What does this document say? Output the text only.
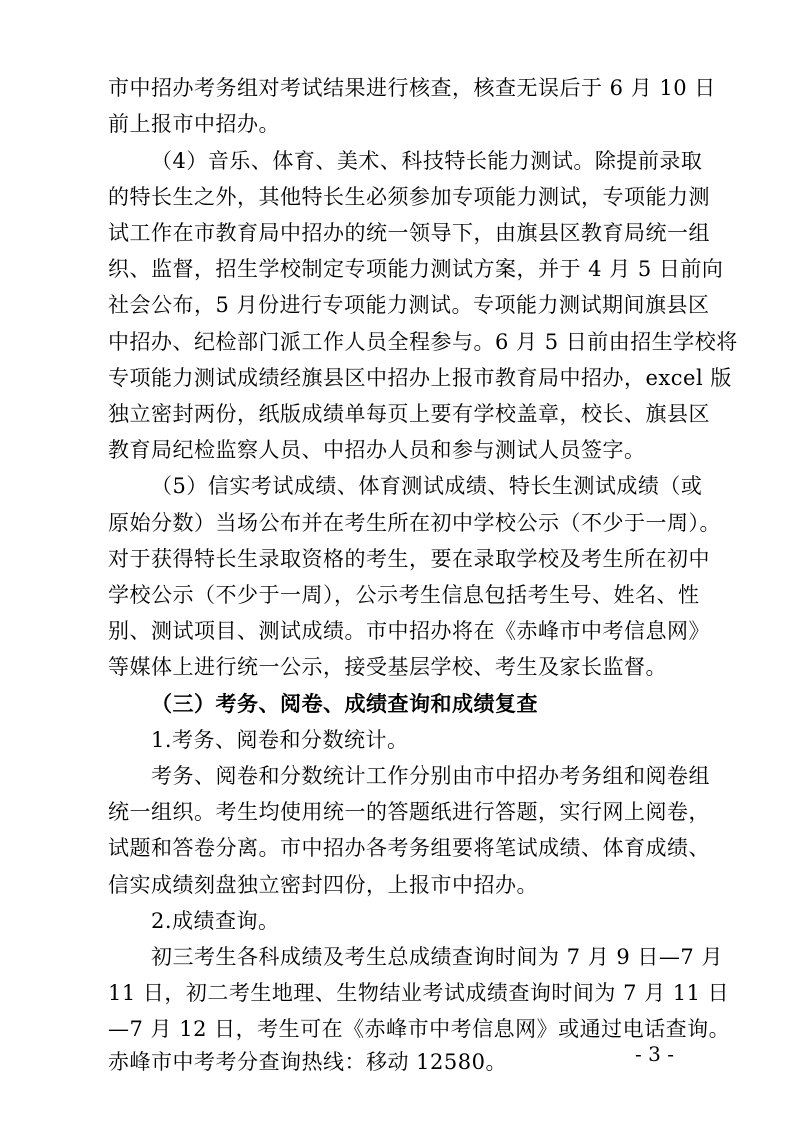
市中招办考务组对考试结果进行核查，核查无误后于 6 月 10 日
前上报市中招办。
（4）音乐、体育、美术、科技特长能力测试。除提前录取
的特长生之外，其他特长生必须参加专项能力测试，专项能力测
试工作在市教育局中招办的统一领导下，由旗县区教育局统一组
织、监督，招生学校制定专项能力测试方案，并于 4 月 5 日前向
社会公布，5 月份进行专项能力测试。专项能力测试期间旗县区
中招办、纪检部门派工作人员全程参与。6 月 5 日前由招生学校将
专项能力测试成绩经旗县区中招办上报市教育局中招办，excel 版
独立密封两份，纸版成绩单每页上要有学校盖章，校长、旗县区
教育局纪检监察人员、中招办人员和参与测试人员签字。
（5）信实考试成绩、体育测试成绩、特长生测试成绩（或
原始分数）当场公布并在考生所在初中学校公示（不少于一周）。
对于获得特长生录取资格的考生，要在录取学校及考生所在初中
学校公示（不少于一周），公示考生信息包括考生号、姓名、性
别、测试项目、测试成绩。市中招办将在《赤峰市中考信息网》
等媒体上进行统一公示，接受基层学校、考生及家长监督。
（三）考务、阅卷、成绩查询和成绩复查
1.考务、阅卷和分数统计。
考务、阅卷和分数统计工作分别由市中招办考务组和阅卷组
统一组织。考生均使用统一的答题纸进行答题，实行网上阅卷，
试题和答卷分离。市中招办各考务组要将笔试成绩、体育成绩、
信实成绩刻盘独立密封四份，上报市中招办。
2.成绩查询。
初三考生各科成绩及考生总成绩查询时间为 7 月 9 日—7 月
11 日，初二考生地理、生物结业考试成绩查询时间为 7 月 11 日
—7 月 12 日，考生可在《赤峰市中考信息网》或通过电话查询。
赤峰市中考考分查询热线：移动 12580。	- 3 -
